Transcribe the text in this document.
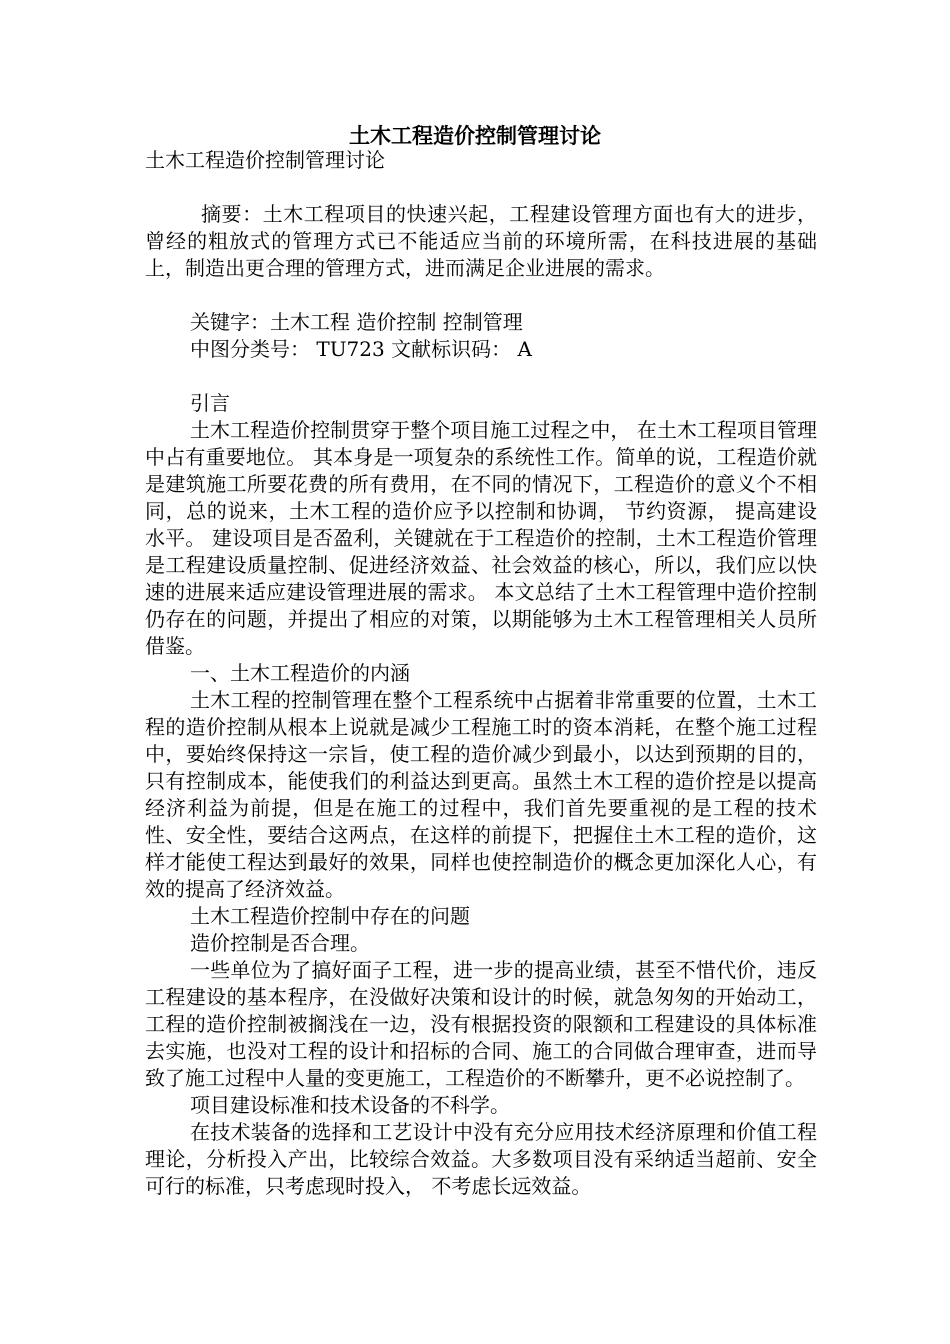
土木工程造价控制管理讨论

土木工程造价控制管理讨论

摘要：土木工程项目的快速兴起，工程建设管理方面也有大的进步，曾经的粗放式的管理方式已不能适应当前的环境所需，在科技进展的基础上，制造出更合理的管理方式，进而满足企业进展的需求。

关键字：土木工程 造价控制 控制管理

中图分类号： TU723 文献标识码： A

引言

土木工程造价控制贯穿于整个项目施工过程之中， 在土木工程项目管理中占有重要地位。 其本身是一项复杂的系统性工作。简单的说，工程造价就是建筑施工所要花费的所有费用，在不同的情况下，工程造价的意义个不相同，总的说来，土木工程的造价应予以控制和协调， 节约资源， 提高建设水平。 建设项目是否盈利，关键就在于工程造价的控制，土木工程造价管理是工程建设质量控制、促进经济效益、社会效益的核心，所以，我们应以快速的进展来适应建设管理进展的需求。 本文总结了土木工程管理中造价控制仍存在的问题，并提出了相应的对策，以期能够为土木工程管理相关人员所借鉴。

一、土木工程造价的内涵

土木工程的控制管理在整个工程系统中占据着非常重要的位置，土木工程的造价控制从根本上说就是减少工程施工时的资本消耗，在整个施工过程中，要始终保持这一宗旨，使工程的造价减少到最小，以达到预期的目的，只有控制成本，能使我们的利益达到更高。虽然土木工程的造价控是以提高经济利益为前提，但是在施工的过程中，我们首先要重视的是工程的技术性、安全性，要结合这两点，在这样的前提下，把握住土木工程的造价，这样才能使工程达到最好的效果，同样也使控制造价的概念更加深化人心，有效的提高了经济效益。

土木工程造价控制中存在的问题

造价控制是否合理。

一些单位为了搞好面子工程，进一步的提高业绩，甚至不惜代价，违反工程建设的基本程序，在没做好决策和设计的时候，就急匆匆的开始动工，工程的造价控制被搁浅在一边，没有根据投资的限额和工程建设的具体标准去实施，也没对工程的设计和招标的合同、施工的合同做合理审查，进而导致了施工过程中人量的变更施工，工程造价的不断攀升，更不必说控制了。

项目建设标准和技术设备的不科学。

在技术装备的选择和工艺设计中没有充分应用技术经济原理和价值工程理论，分析投入产出，比较综合效益。大多数项目没有采纳适当超前、安全可行的标准，只考虑现时投入， 不考虑长远效益。
